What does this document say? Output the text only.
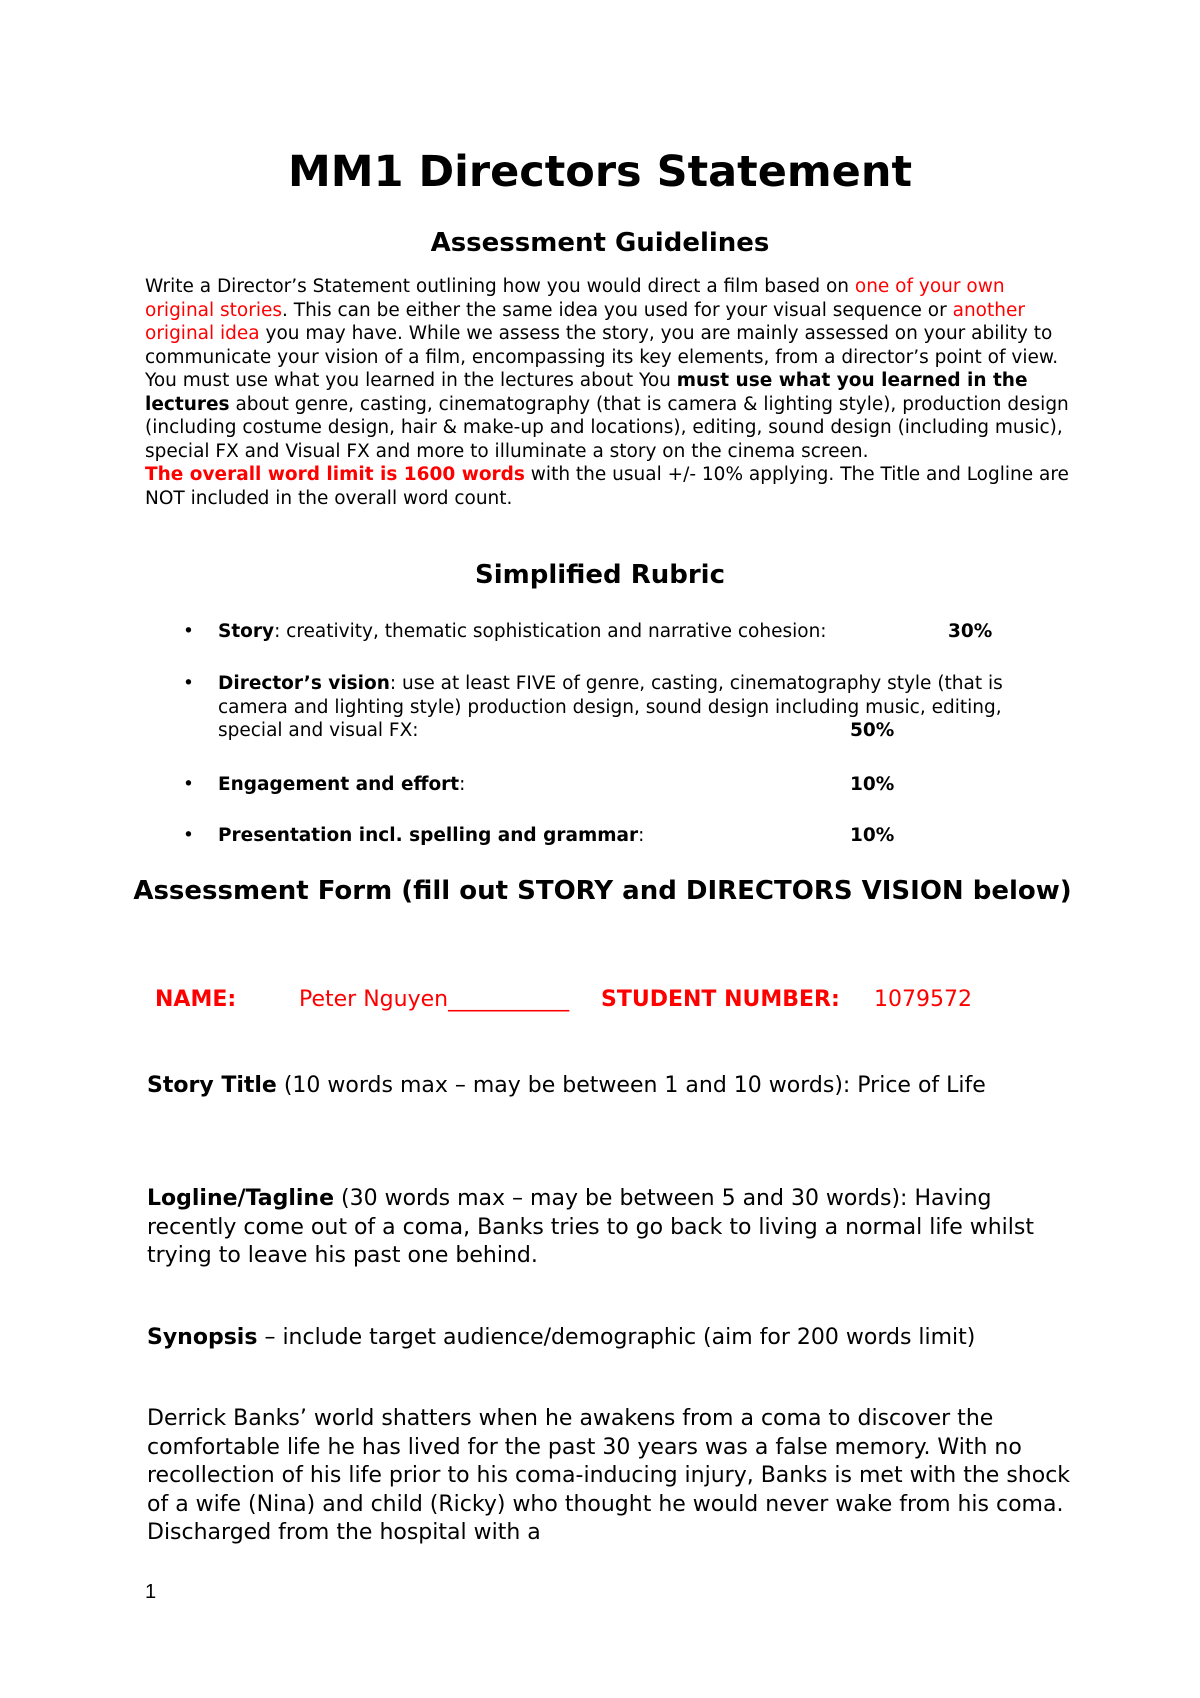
MM1 Directors Statement
Assessment Guidelines

Write a Director’s Statement outlining how you would direct a film based on one of your own original stories. This can be either the same idea you used for your visual sequence or another original idea you may have. While we assess the story, you are mainly assessed on your ability to communicate your vision of a film, encompassing its key elements, from a director’s point of view. You must use what you learned in the lectures about You must use what you learned in the lectures about genre, casting, cinematography (that is camera & lighting style), production design (including costume design, hair & make-up and locations), editing, sound design (including music), special FX and Visual FX and more to illuminate a story on the cinema screen.

The overall word limit is 1600 words with the usual +/- 10% applying. The Title and Logline are NOT included in the overall word count.

Simplified Rubric
• Story: creativity, thematic sophistication and narrative cohesion:	30%
• Director’s vision: use at least FIVE of genre, casting, cinematography style (that is camera and lighting style) production design, sound design including music, editing, special and visual FX:	50%
• Engagement and effort:	10%
• Presentation incl. spelling and grammar:	10%
Assessment Form (fill out STORY and DIRECTORS VISION below)
NAME:	Peter Nguyen___________ STUDENT NUMBER: 1079572
Story Title (10 words max – may be between 1 and 10 words): Price of Life
Logline/Tagline (30 words max – may be between 5 and 30 words): Having recently come out of a coma, Banks tries to go back to living a normal life whilst trying to leave his past one behind.
Synopsis – include target audience/demographic (aim for 200 words limit)
Derrick Banks’ world shatters when he awakens from a coma to discover the comfortable life he has lived for the past 30 years was a false memory. With no recollection of his life prior to his coma-inducing injury, Banks is met with the shock of a wife (Nina) and child (Ricky) who thought he would never wake from his coma. Discharged from the hospital with a
1
